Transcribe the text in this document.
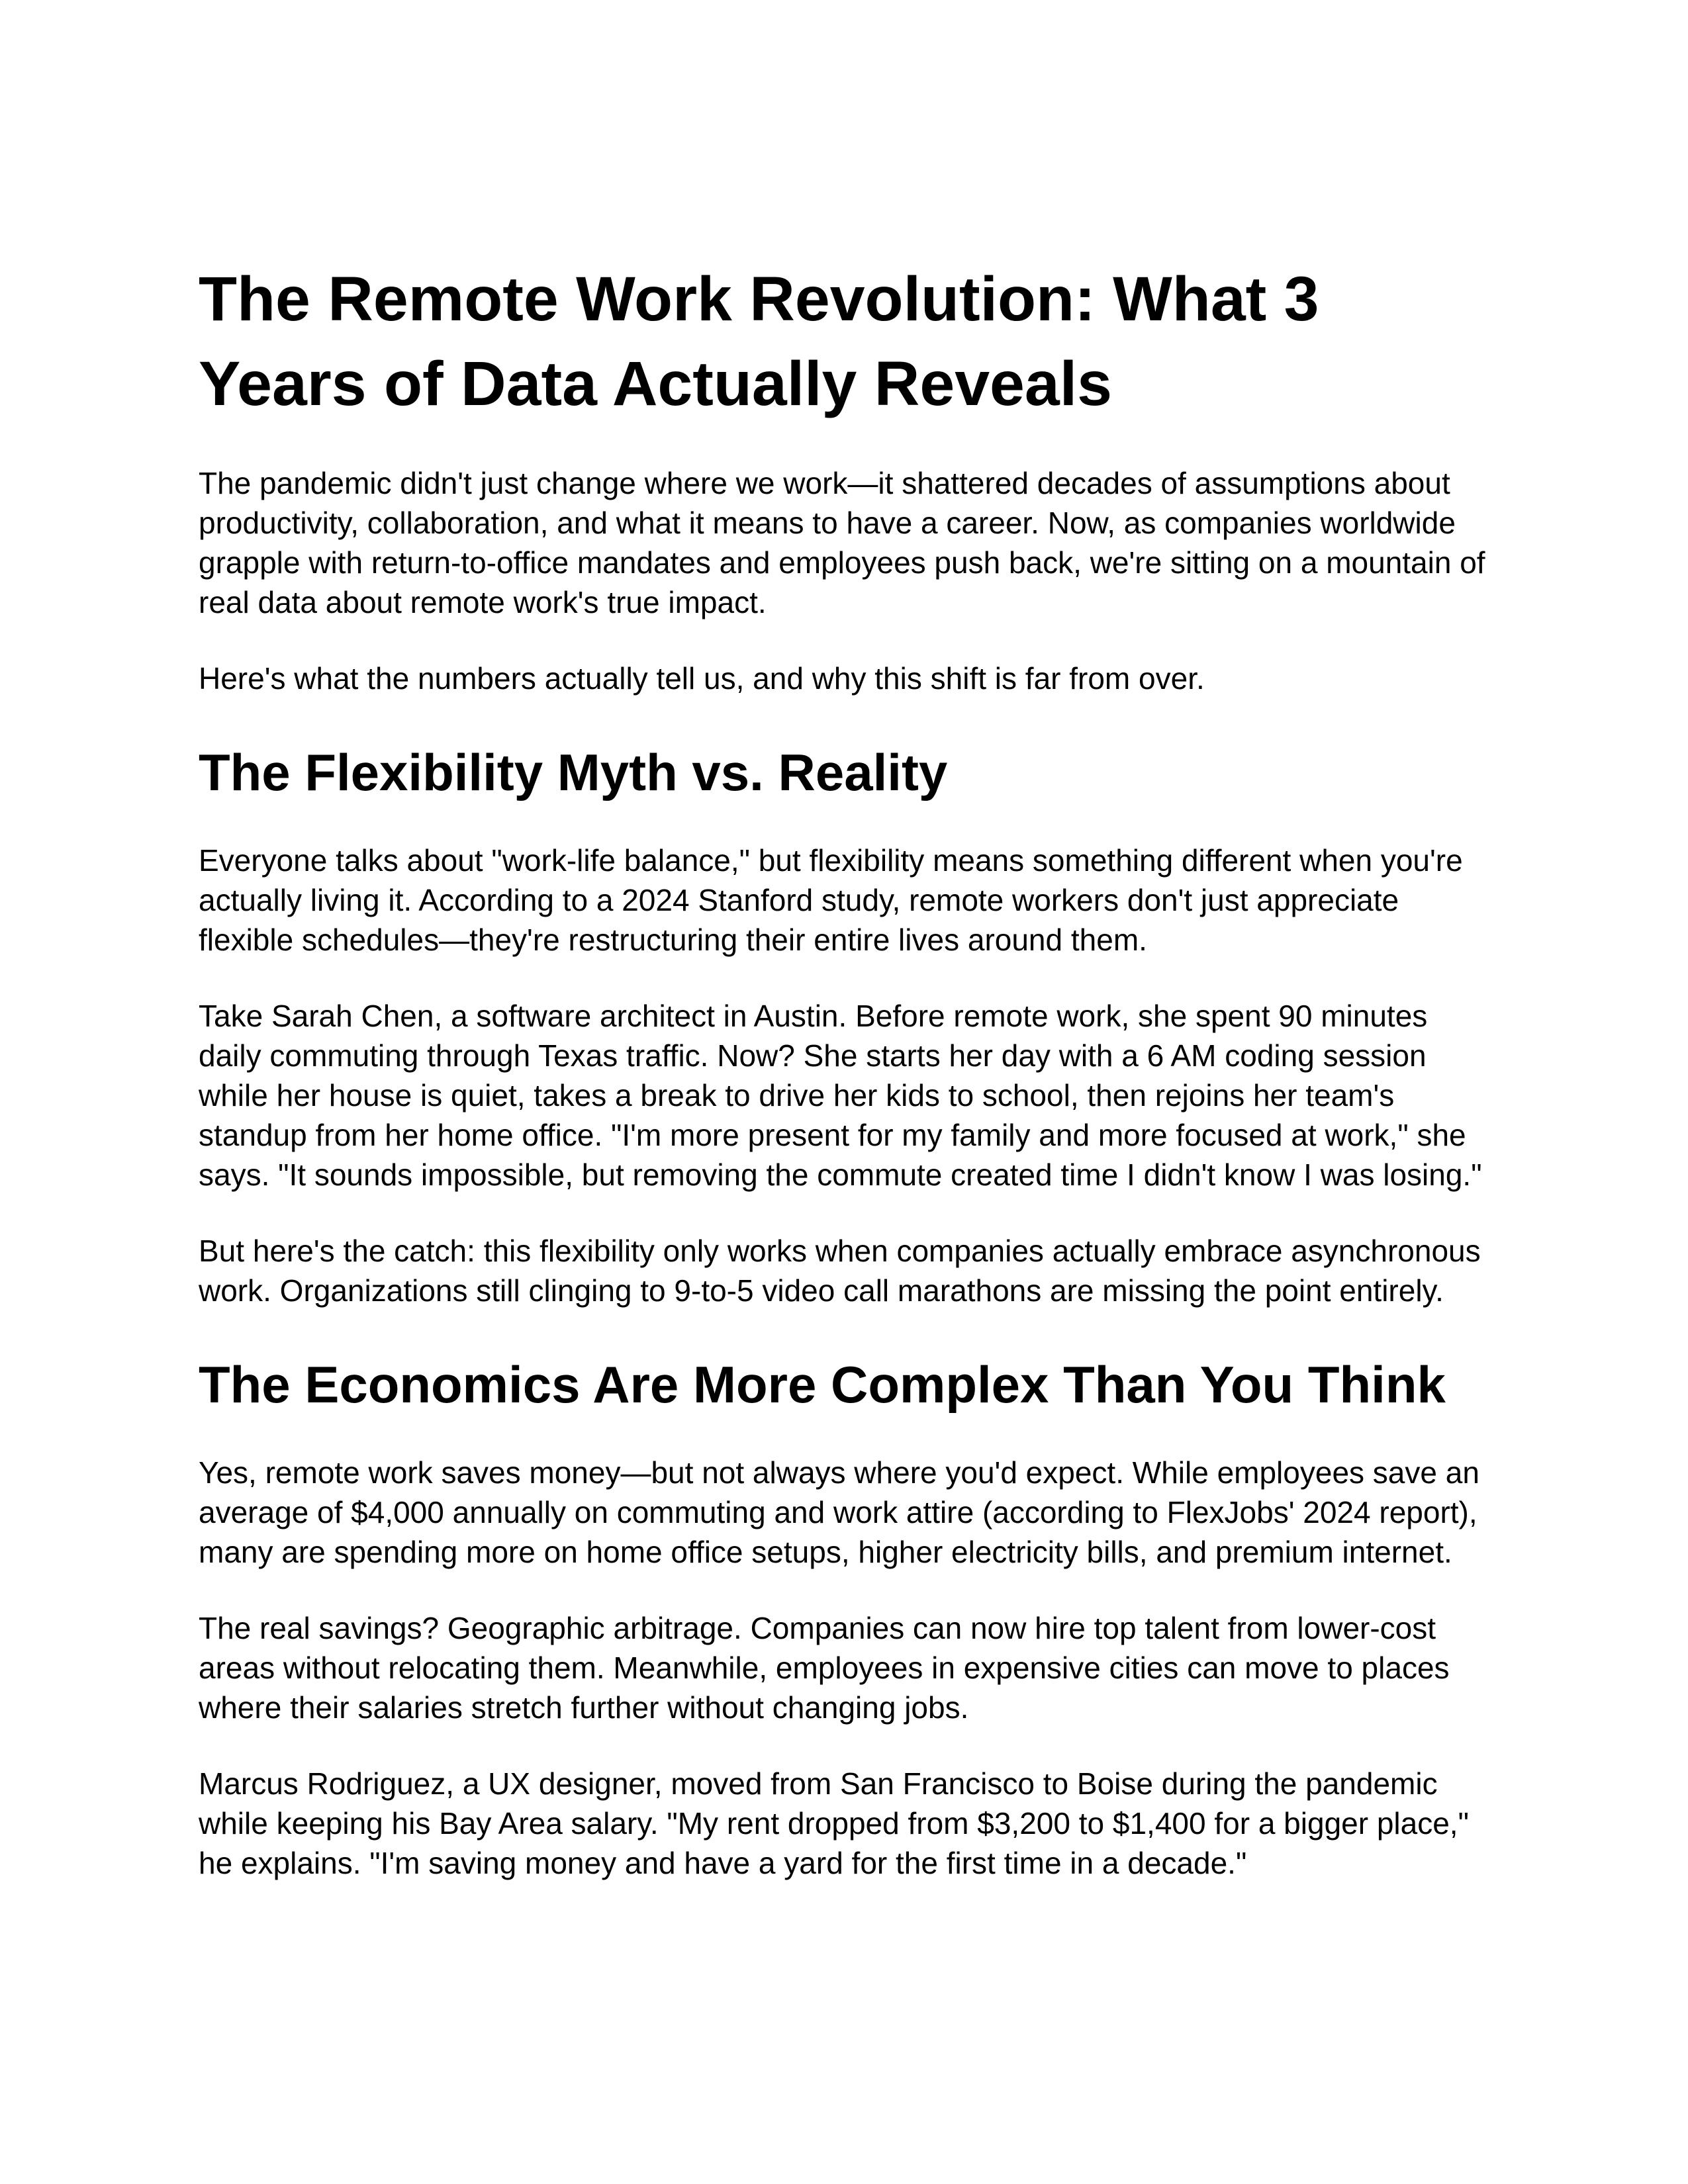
The Remote Work Revolution: What 3 Years of Data Actually Reveals

The pandemic didn't just change where we work—it shattered decades of assumptions about productivity, collaboration, and what it means to have a career. Now, as companies worldwide grapple with return-to-office mandates and employees push back, we're sitting on a mountain of real data about remote work's true impact.

Here's what the numbers actually tell us, and why this shift is far from over.

The Flexibility Myth vs. Reality

Everyone talks about "work-life balance," but flexibility means something different when you're actually living it. According to a 2024 Stanford study, remote workers don't just appreciate flexible schedules—they're restructuring their entire lives around them.

Take Sarah Chen, a software architect in Austin. Before remote work, she spent 90 minutes daily commuting through Texas traffic. Now? She starts her day with a 6 AM coding session while her house is quiet, takes a break to drive her kids to school, then rejoins her team's standup from her home office. "I'm more present for my family and more focused at work," she says. "It sounds impossible, but removing the commute created time I didn't know I was losing."

But here's the catch: this flexibility only works when companies actually embrace asynchronous work. Organizations still clinging to 9-to-5 video call marathons are missing the point entirely.

The Economics Are More Complex Than You Think

Yes, remote work saves money—but not always where you'd expect. While employees save an average of $4,000 annually on commuting and work attire (according to FlexJobs' 2024 report), many are spending more on home office setups, higher electricity bills, and premium internet.

The real savings? Geographic arbitrage. Companies can now hire top talent from lower-cost areas without relocating them. Meanwhile, employees in expensive cities can move to places where their salaries stretch further without changing jobs.

Marcus Rodriguez, a UX designer, moved from San Francisco to Boise during the pandemic while keeping his Bay Area salary. "My rent dropped from $3,200 to $1,400 for a bigger place," he explains. "I'm saving money and have a yard for the first time in a decade."
